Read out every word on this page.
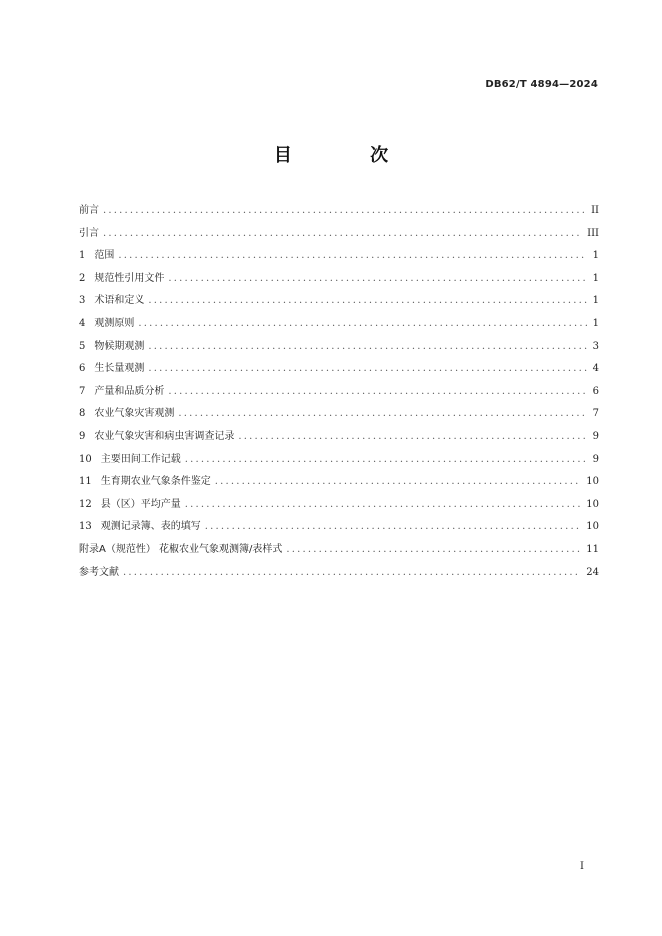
DB62/T 4894—2024
目 次
前言 .....	II
引言 .....	III
1 范围 .....	1
2 规范性引用文件 .....	1
3 术语和定义 .....	1
4 观测原则 .....	1
5 物候期观测 .....	3
6 生长量观测 .....	4
7 产量和品质分析 .....	6
8 农业气象灾害观测 .....	7
9 农业气象灾害和病虫害调查记录 .....	9
10 主要田间工作记载 .....	9
11 生育期农业气象条件鉴定 .....	10
12 县（区）平均产量 .....	10
13 观测记录簿、表的填写 .....	10
附录A（规范性） 花椒农业气象观测簿/表样式 .....	11
参考文献 .....	24
I
